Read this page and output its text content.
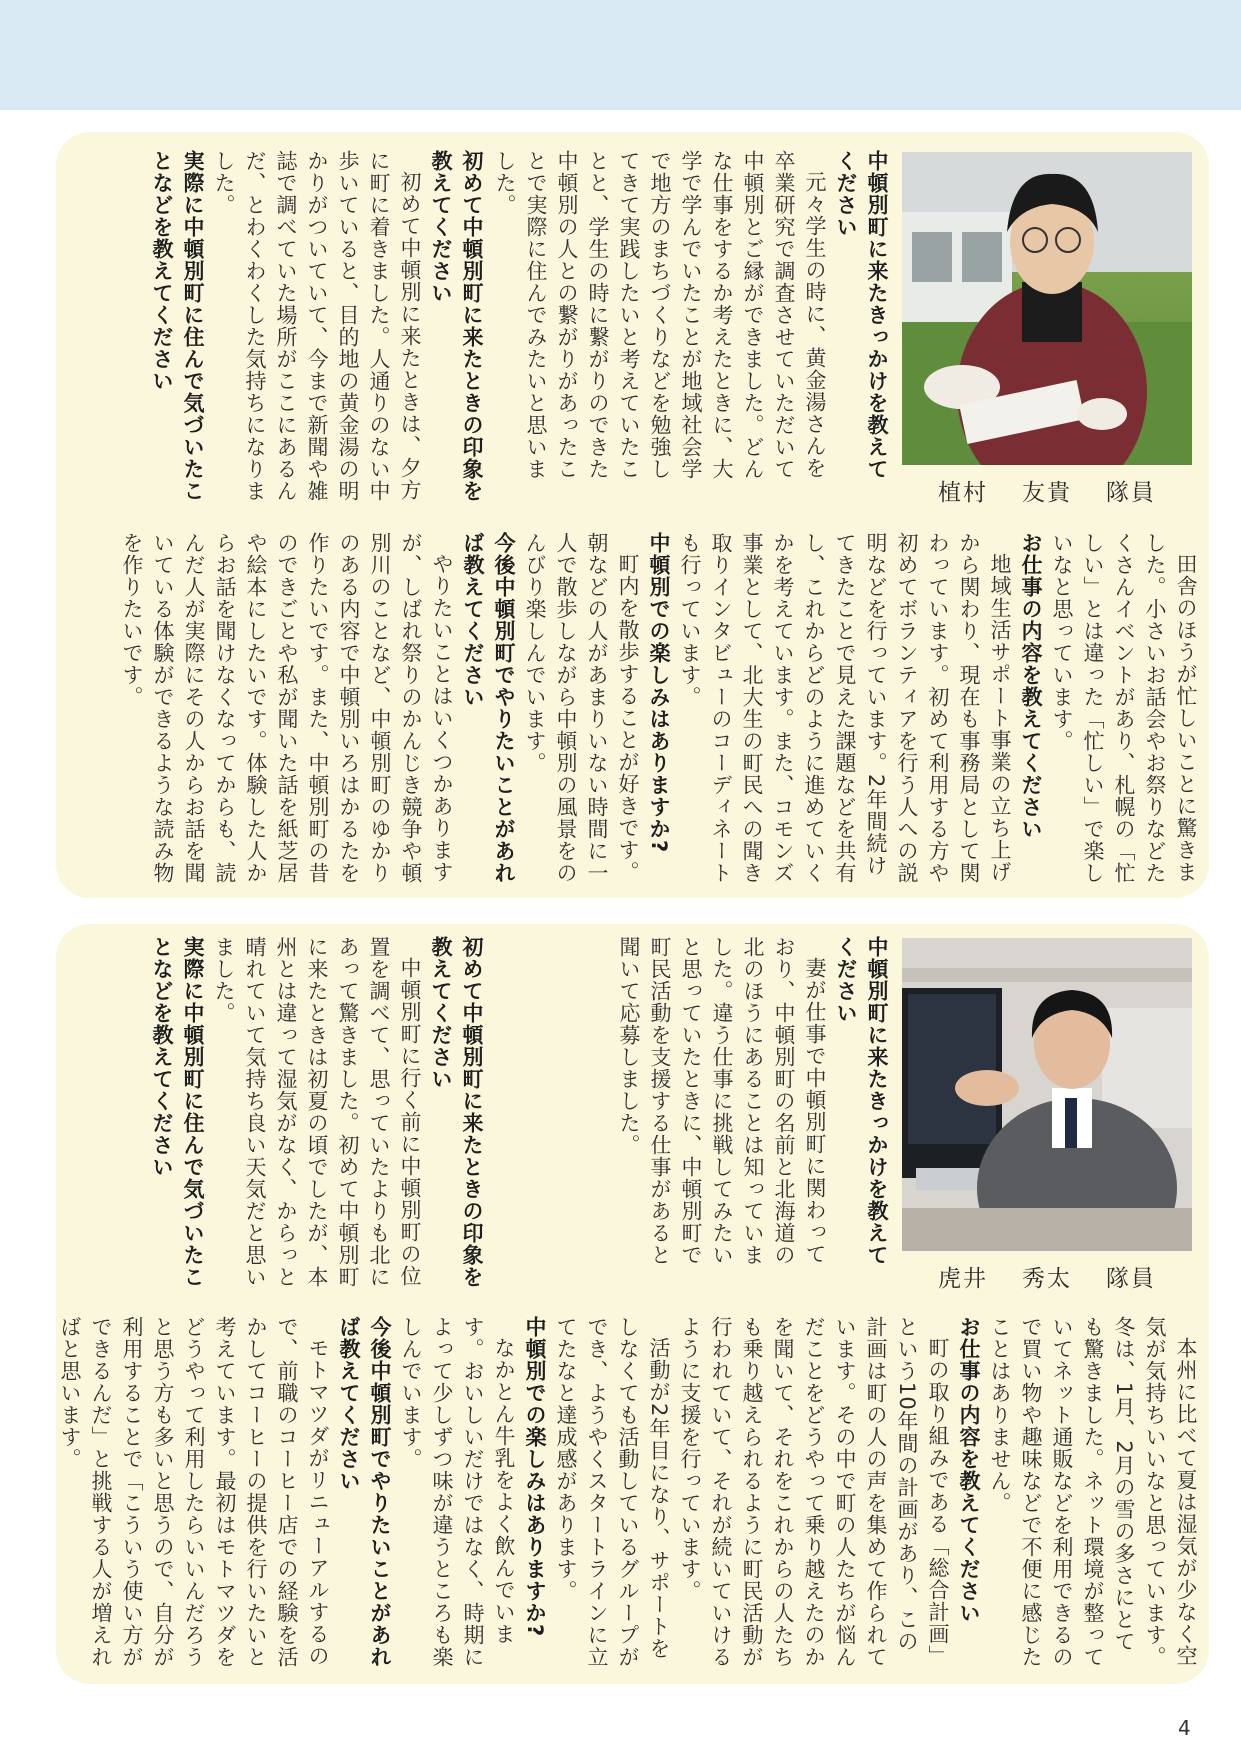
植村 友貴 隊員
中頓別町に来たきっかけを教えてください

元々学生の時に、黄金湯さんを卒業研究で調査させていただいて中頓別とご縁ができました。どんな仕事をするか考えたときに、大学で学んでいたことが地域社会学で地方のまちづくりなどを勉強してきて実践したいと考えていたことと、学生の時に繋がりのできた中頓別の人との繋がりがあったことで実際に住んでみたいと思いました。

初めて中頓別町に来たときの印象を教えてください

初めて中頓別に来たときは、夕方に町に着きました。人通りのない中歩いていると、目的地の黄金湯の明かりがついていて、今まで新聞や雑誌で調べていた場所がここにあるんだ、とわくわくした気持ちになりました。

実際に中頓別町に住んで気づいたことなどを教えてください

田舎のほうが忙しいことに驚きました。小さいお話会やお祭りなどたくさんイベントがあり、札幌の「忙しい」とは違った「忙しい」で楽しいなと思っています。

お仕事の内容を教えてください

地域生活サポート事業の立ち上げから関わり、現在も事務局として関わっています。初めて利用する方や初めてボランティアを行う人への説明などを行っています。2年間続けてきたことで見えた課題などを共有し、これからどのように進めていくかを考えています。また、コモンズ事業として、北大生の町民への聞き取りインタビューのコーディネートも行っています。

中頓別での楽しみはありますか?

町内を散歩することが好きです。朝などの人があまりいない時間に一人で散歩しながら中頓別の風景をのんびり楽しんでいます。

今後中頓別町でやりたいことがあれば教えてください

やりたいことはいくつかありますが、しばれ祭りのかんじき競争や頓別川のことなど、中頓別町のゆかりのある内容で中頓別いろはかるたを作りたいです。また、中頓別町の昔のできごとや私が聞いた話を紙芝居や絵本にしたいです。体験した人からお話を聞けなくなってからも、読んだ人が実際にその人からお話を聞いている体験ができるような読み物を作りたいです。

虎井 秀太 隊員
中頓別町に来たきっかけを教えてください

妻が仕事で中頓別町に関わっており、中頓別町の名前と北海道の北のほうにあることは知っていました。違う仕事に挑戦してみたいと思っていたときに、中頓別町で町民活動を支援する仕事があると聞いて応募しました。

初めて中頓別町に来たときの印象を教えてください

中頓別町に行く前に中頓別町の位置を調べて、思っていたよりも北にあって驚きました。初めて中頓別町に来たときは初夏の頃でしたが、本州とは違って湿気がなく、からっと晴れていて気持ち良い天気だと思いました。

実際に中頓別町に住んで気づいたことなどを教えてください

本州に比べて夏は湿気が少なく空気が気持ちいいなと思っています。冬は、1月、2月の雪の多さにとても驚きました。ネット環境が整っていてネット通販などを利用できるので買い物や趣味などで不便に感じたことはありません。

お仕事の内容を教えてください

町の取り組みである「総合計画」という10年間の計画があり、この計画は町の人の声を集めて作られています。その中で町の人たちが悩んだことをどうやって乗り越えたのかを聞いて、それをこれからの人たちも乗り越えられるように町民活動が行われていて、それが続いていけるように支援を行っています。

活動が2年目になり、サポートをしなくても活動しているグループができ、ようやくスタートラインに立てたなと達成感があります。

中頓別での楽しみはありますか?

なかとん牛乳をよく飲んでいます。おいしいだけではなく、時期によって少しずつ味が違うところも楽しんでいます。

今後中頓別町でやりたいことがあれば教えてください

モトマツダがリニューアルするので、前職のコーヒー店での経験を活かしてコーヒーの提供を行いたいと考えています。最初はモトマツダをどうやって利用したらいいんだろうと思う方も多いと思うので、自分が利用することで「こういう使い方ができるんだ」と挑戦する人が増えればと思います。

4
